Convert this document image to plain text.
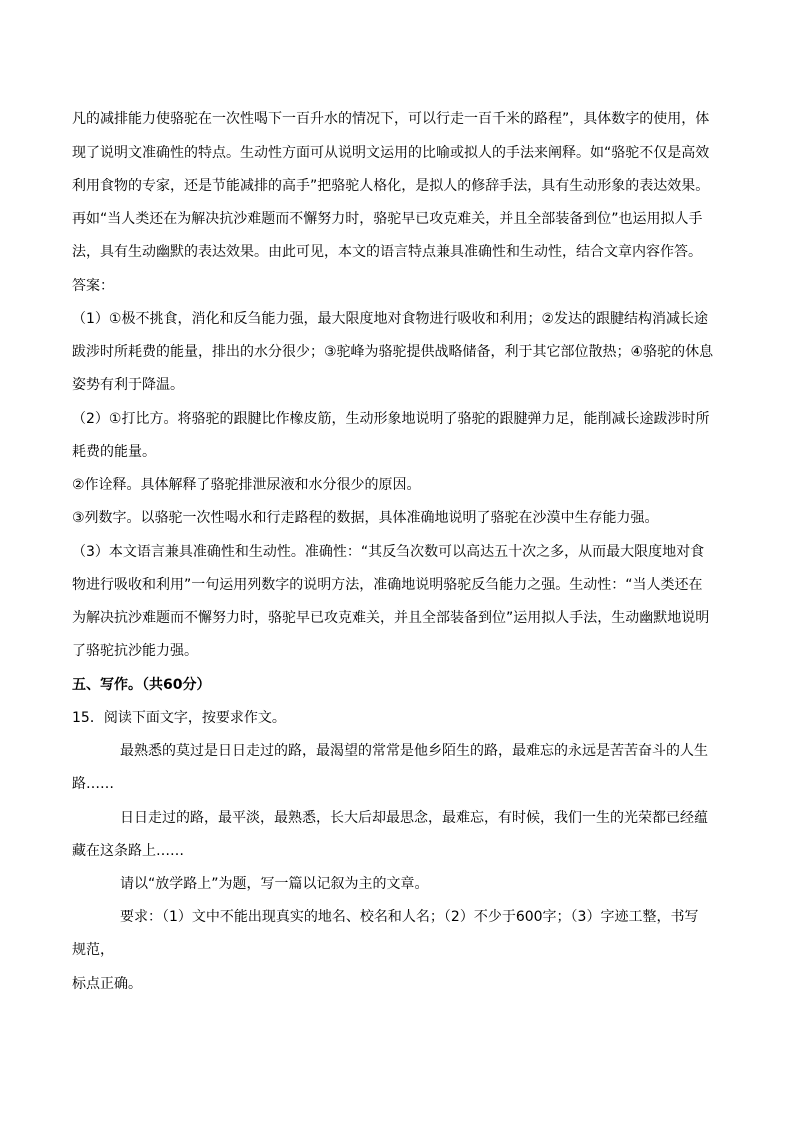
凡的减排能力使骆驼在一次性喝下一百升水的情况下，可以行走一百千米的路程”，具体数字的使用，体
现了说明文准确性的特点。生动性方面可从说明文运用的比喻或拟人的手法来阐释。如“骆驼不仅是高效
利用食物的专家，还是节能减排的高手”把骆驼人格化，是拟人的修辞手法，具有生动形象的表达效果。
再如“当人类还在为解决抗沙难题而不懈努力时，骆驼早已攻克难关，并且全部装备到位”也运用拟人手
法，具有生动幽默的表达效果。由此可见，本文的语言特点兼具准确性和生动性，结合文章内容作答。
答案：
（1）①极不挑食，消化和反刍能力强，最大限度地对食物进行吸收和利用；②发达的跟腱结构消减长途
跋涉时所耗费的能量，排出的水分很少；③驼峰为骆驼提供战略储备，利于其它部位散热；④骆驼的休息
姿势有利于降温。
（2）①打比方。将骆驼的跟腱比作橡皮筋，生动形象地说明了骆驼的跟腱弹力足，能削减长途跋涉时所
耗费的能量。
②作诠释。具体解释了骆驼排泄尿液和水分很少的原因。
③列数字。以骆驼一次性喝水和行走路程的数据，具体准确地说明了骆驼在沙漠中生存能力强。
（3）本文语言兼具准确性和生动性。准确性：“其反刍次数可以高达五十次之多，从而最大限度地对食
物进行吸收和利用”一句运用列数字的说明方法，准确地说明骆驼反刍能力之强。生动性：“当人类还在
为解决抗沙难题而不懈努力时，骆驼早已攻克难关，并且全部装备到位”运用拟人手法，生动幽默地说明
了骆驼抗沙能力强。
五、写作。（共60分）
15．阅读下面文字，按要求作文。
最熟悉的莫过是日日走过的路，最渴望的常常是他乡陌生的路，最难忘的永远是苦苦奋斗的人生
路……
日日走过的路，最平淡，最熟悉，长大后却最思念，最难忘，有时候，我们一生的光荣都已经蕴
藏在这条路上……
请以“放学路上”为题，写一篇以记叙为主的文章。
要求：（1）文中不能出现真实的地名、校名和人名；（2）不少于600字；（3）字迹工整，书写
规范，
标点正确。
